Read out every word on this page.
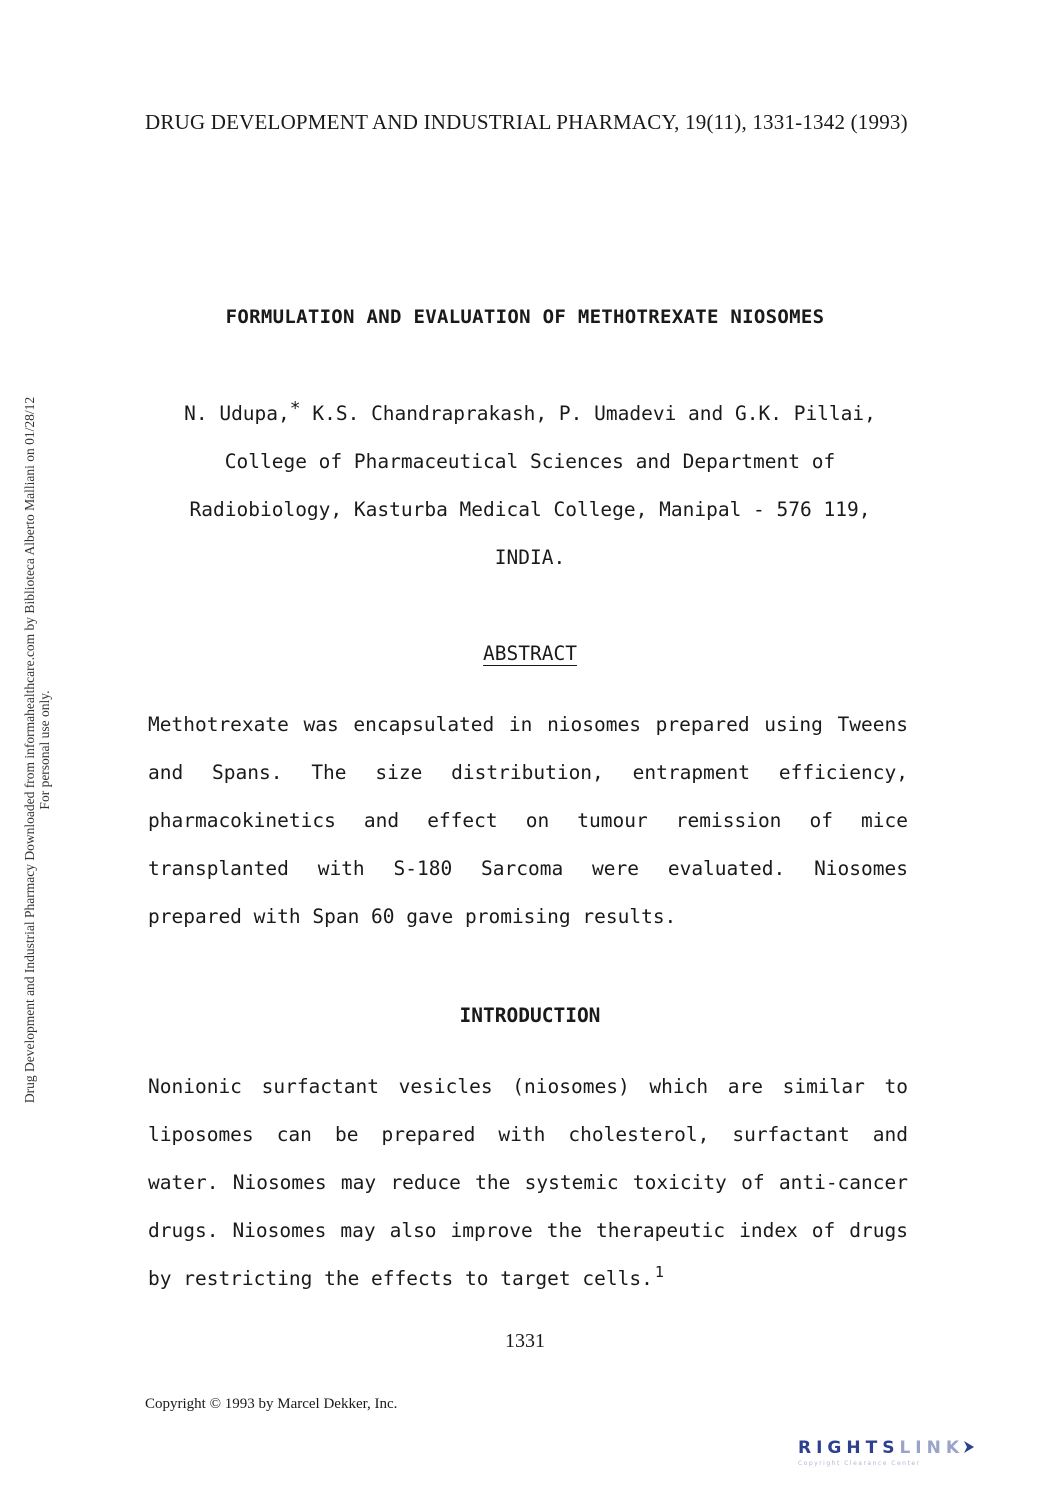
DRUG DEVELOPMENT AND INDUSTRIAL PHARMACY, 19(11), 1331-1342 (1993)
Drug Development and Industrial Pharmacy Downloaded from informahealthcare.com by Biblioteca Alberto Malliani on 01/28/12 For personal use only.
FORMULATION AND EVALUATION OF METHOTREXATE NIOSOMES
N. Udupa,* K.S. Chandraprakash, P. Umadevi and G.K. Pillai,
College of Pharmaceutical Sciences and Department of
Radiobiology, Kasturba Medical College, Manipal - 576 119,
INDIA.
ABSTRACT
Methotrexate was encapsulated in niosomes prepared using Tweens
and Spans. The size distribution, entrapment efficiency,
pharmacokinetics and effect on tumour remission of mice
transplanted with S-180 Sarcoma were evaluated. Niosomes
prepared with Span 60 gave promising results.
INTRODUCTION
Nonionic surfactant vesicles (niosomes) which are similar to
liposomes can be prepared with cholesterol, surfactant and
water. Niosomes may reduce the systemic toxicity of anti-cancer
drugs. Niosomes may also improve the therapeutic index of drugs
by restricting the effects to target cells. $^1$
1331
Copyright © 1993 by Marcel Dekker, Inc.
RIGHTSLINK
Copyright Clearance Center
